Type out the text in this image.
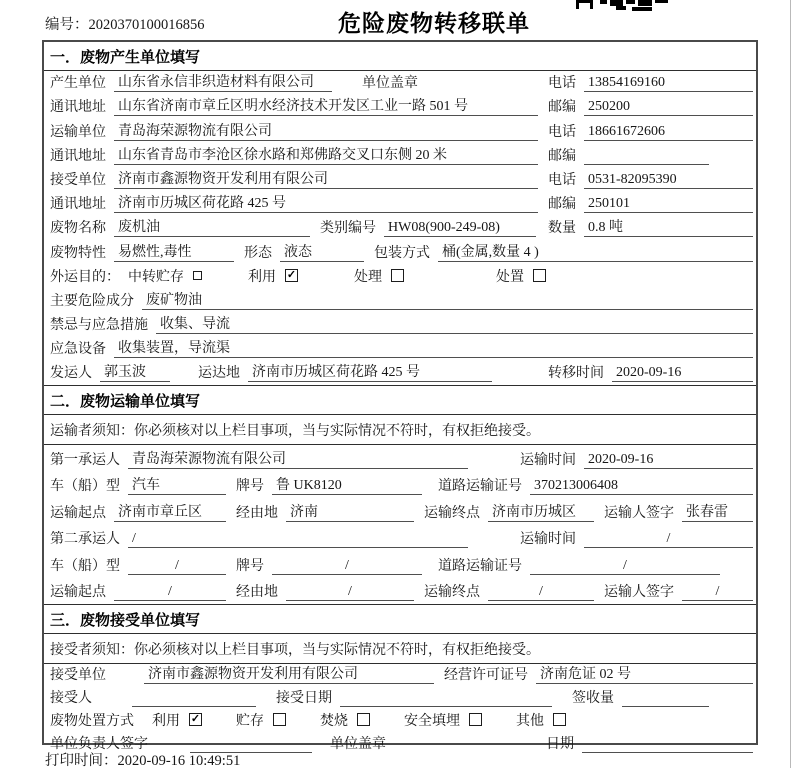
编号：2020370100016856	危险废物转移联单
一．废物产生单位填写
产生单位 山东省永信非织造材料有限公司	单位盖章	电话 13854169160
通讯地址 山东省济南市章丘区明水经济技术开发区工业一路 501 号	邮编 250200
运输单位 青岛海荣源物流有限公司	电话 18661672606
通讯地址 山东省青岛市李沧区徐水路和郑佛路交叉口东侧 20 米	邮编
接受单位 济南市鑫源物资开发利用有限公司	电话 0531-82095390
通讯地址 济南市历城区荷花路 425 号	邮编 250101
废物名称 废机油	类别编号 HW08(900-249-08)	数量 0.8 吨
废物特性 易燃性,毒性	形态 液态	包装方式 桶(金属,数量 4 )
外运目的： 中转贮存	利用 ✓	处理	处置
主要危险成分 废矿物油
禁忌与应急措施 收集、导流
应急设备 收集装置，导流渠
发运人 郭玉波	运达地 济南市历城区荷花路 425 号	转移时间 2020-09-16
二．废物运输单位填写
运输者须知：你必须核对以上栏目事项，当与实际情况不符时，有权拒绝接受。
第一承运人 青岛海荣源物流有限公司	运输时间 2020-09-16
车（船）型 汽车	牌号 鲁 UK8120	道路运输证号 370213006408
运输起点 济南市章丘区	经由地 济南	运输终点 济南市历城区	运输人签字 张春雷
第二承运人 /	运输时间	/
车（船）型	/	牌号	/	道路运输证号	/
运输起点	/	经由地	/	运输终点	/	运输人签字	/
三．废物接受单位填写
接受者须知：你必须核对以上栏目事项，当与实际情况不符时，有权拒绝接受。
接受单位	济南市鑫源物资开发利用有限公司	经营许可证号 济南危证 02 号
接受人	接受日期	签收量
废物处置方式 利用 ✓	贮存	焚烧	安全填埋	其他
单位负责人签字	单位盖章	日期
打印时间：2020-09-16 10:49:51
